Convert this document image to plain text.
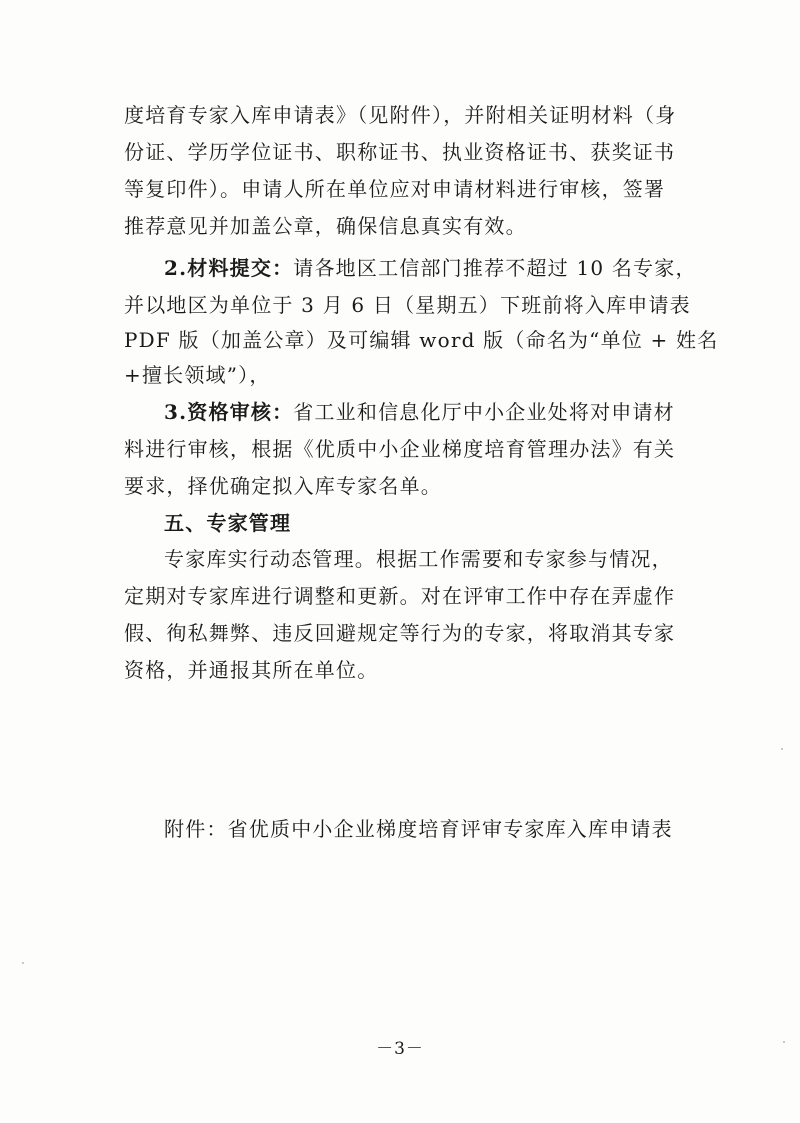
度培育专家入库申请表》（见附件），并附相关证明材料（身
份证、学历学位证书、职称证书、执业资格证书、获奖证书
等复印件）。申请人所在单位应对申请材料进行审核，签署
推荐意见并加盖公章，确保信息真实有效。
2.材料提交：请各地区工信部门推荐不超过 10 名专家，
并以地区为单位于 3 月 6 日（星期五）下班前将入库申请表
PDF 版（加盖公章）及可编辑 word 版（命名为“单位 + 姓名
+擅长领域”），
3.资格审核：省工业和信息化厅中小企业处将对申请材
料进行审核，根据《优质中小企业梯度培育管理办法》有关
要求，择优确定拟入库专家名单。
五、专家管理
专家库实行动态管理。根据工作需要和专家参与情况，
定期对专家库进行调整和更新。对在评审工作中存在弄虚作
假、徇私舞弊、违反回避规定等行为的专家，将取消其专家
资格，并通报其所在单位。
附件：省优质中小企业梯度培育评审专家库入库申请表
－3－
